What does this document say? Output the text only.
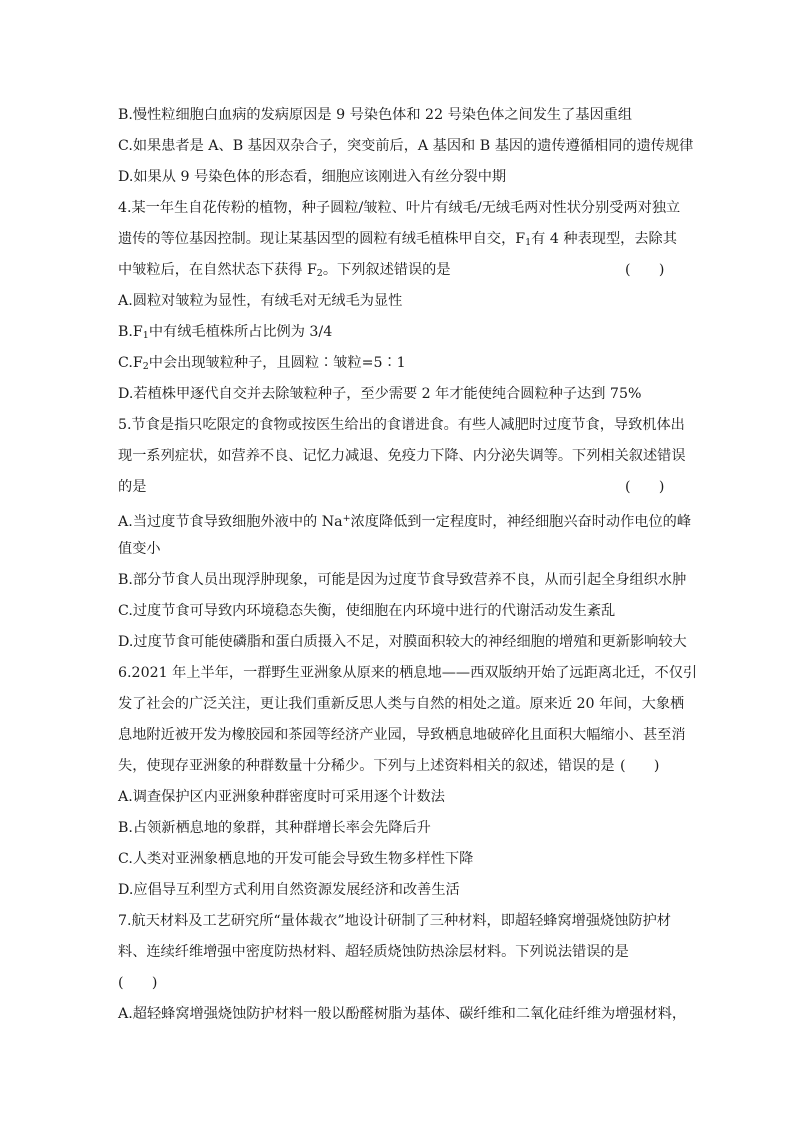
B.慢性粒细胞白血病的发病原因是 9 号染色体和 22 号染色体之间发生了基因重组
C.如果患者是 A、B 基因双杂合子，突变前后，A 基因和 B 基因的遗传遵循相同的遗传规律
D.如果从 9 号染色体的形态看，细胞应该刚进入有丝分裂中期
4.某一年生自花传粉的植物，种子圆粒/皱粒、叶片有绒毛/无绒毛两对性状分别受两对独立
遗传的等位基因控制。现让某基因型的圆粒有绒毛植株甲自交，$F_1$有 4 种表现型，去除其
中皱粒后，在自然状态下获得 $F_2$。下列叙述错误的是	(　　)
A.圆粒对皱粒为显性，有绒毛对无绒毛为显性
$B.F_1$中有绒毛植株所占比例为 3/4
$C.F_2$中会出现皱粒种子，且圆粒∶皱粒=5∶1
D.若植株甲逐代自交并去除皱粒种子，至少需要 2 年才能使纯合圆粒种子达到 75%
5.节食是指只吃限定的食物或按医生给出的食谱进食。有些人减肥时过度节食，导致机体出
现一系列症状，如营养不良、记忆力减退、免疫力下降、内分泌失调等。下列相关叙述错误
的是	(　　)
A.当过度节食导致细胞外液中的 Na+浓度降低到一定程度时，神经细胞兴奋时动作电位的峰
值变小
B.部分节食人员出现浮肿现象，可能是因为过度节食导致营养不良，从而引起全身组织水肿
C.过度节食可导致内环境稳态失衡，使细胞在内环境中进行的代谢活动发生紊乱
D.过度节食可能使磷脂和蛋白质摄入不足，对膜面积较大的神经细胞的增殖和更新影响较大
6.2021 年上半年，一群野生亚洲象从原来的栖息地——西双版纳开始了远距离北迁，不仅引
发了社会的广泛关注，更让我们重新反思人类与自然的相处之道。原来近 20 年间，大象栖
息地附近被开发为橡胶园和茶园等经济产业园，导致栖息地破碎化且面积大幅缩小、甚至消
失，使现存亚洲象的种群数量十分稀少。下列与上述资料相关的叙述，错误的是 (　　)
A.调查保护区内亚洲象种群密度时可采用逐个计数法
B.占领新栖息地的象群，其种群增长率会先降后升
C.人类对亚洲象栖息地的开发可能会导致生物多样性下降
D.应倡导互利型方式利用自然资源发展经济和改善生活
7.航天材料及工艺研究所“量体裁衣”地设计研制了三种材料，即超轻蜂窝增强烧蚀防护材
料、连续纤维增强中密度防热材料、超轻质烧蚀防热涂层材料。下列说法错误的是
(　　)
A.超轻蜂窝增强烧蚀防护材料一般以酚醛树脂为基体、碳纤维和二氧化硅纤维为增强材料，
